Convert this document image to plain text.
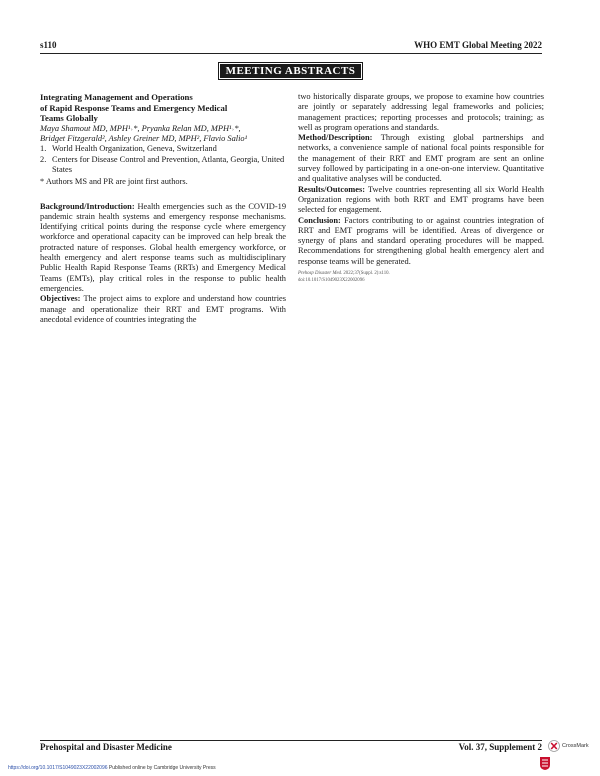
s110	WHO EMT Global Meeting 2022
MEETING ABSTRACTS
Integrating Management and Operations
of Rapid Response Teams and Emergency Medical
Teams Globally
Maya Shamout MD, MPH¹˒*, Pryanka Relan MD, MPH¹˒*,
Bridget Fitzgerald², Ashley Greiner MD, MPH², Flavio Salio¹
1. World Health Organization, Geneva, Switzerland
2. Centers for Disease Control and Prevention, Atlanta, Georgia, United States
* Authors MS and PR are joint first authors.
Background/Introduction: Health emergencies such as the COVID-19 pandemic strain health systems and emergency response mechanisms. Identifying critical points during the response cycle where emergency workforce and operational capacity can be improved can help break the protracted nature of responses. Global health emergency workforce, or health emergency and alert response teams such as multidisciplinary Public Health Rapid Response Teams (RRTs) and Emergency Medical Teams (EMTs), play critical roles in the response to public health emergencies.
Objectives: The project aims to explore and understand how countries manage and operationalize their RRT and EMT programs. With anecdotal evidence of countries integrating the
two historically disparate groups, we propose to examine how countries are jointly or separately addressing legal frameworks and policies; management practices; reporting processes and protocols; training; as well as program operations and standards.
Method/Description: Through existing global partnerships and networks, a convenience sample of national focal points responsible for the management of their RRT and EMT program are sent an online survey followed by participating in a one-on-one interview. Quantitative and qualitative analyses will be conducted.
Results/Outcomes: Twelve countries representing all six World Health Organization regions with both RRT and EMT programs have been selected for engagement.
Conclusion: Factors contributing to or against countries integration of RRT and EMT programs will be identified. Areas of divergence or synergy of plans and standard operating procedures will be mapped. Recommendations for strengthening global health emergency alert and response teams will be generated.
Prehosp Disaster Med. 2022;37(Suppl. 2):s110.
doi:10.1017/S1049023X22002096
Prehospital and Disaster Medicine	Vol. 37, Supplement 2	CrossMark
https://doi.org/10.1017/S1049023X22002096 Published online by Cambridge University Press
